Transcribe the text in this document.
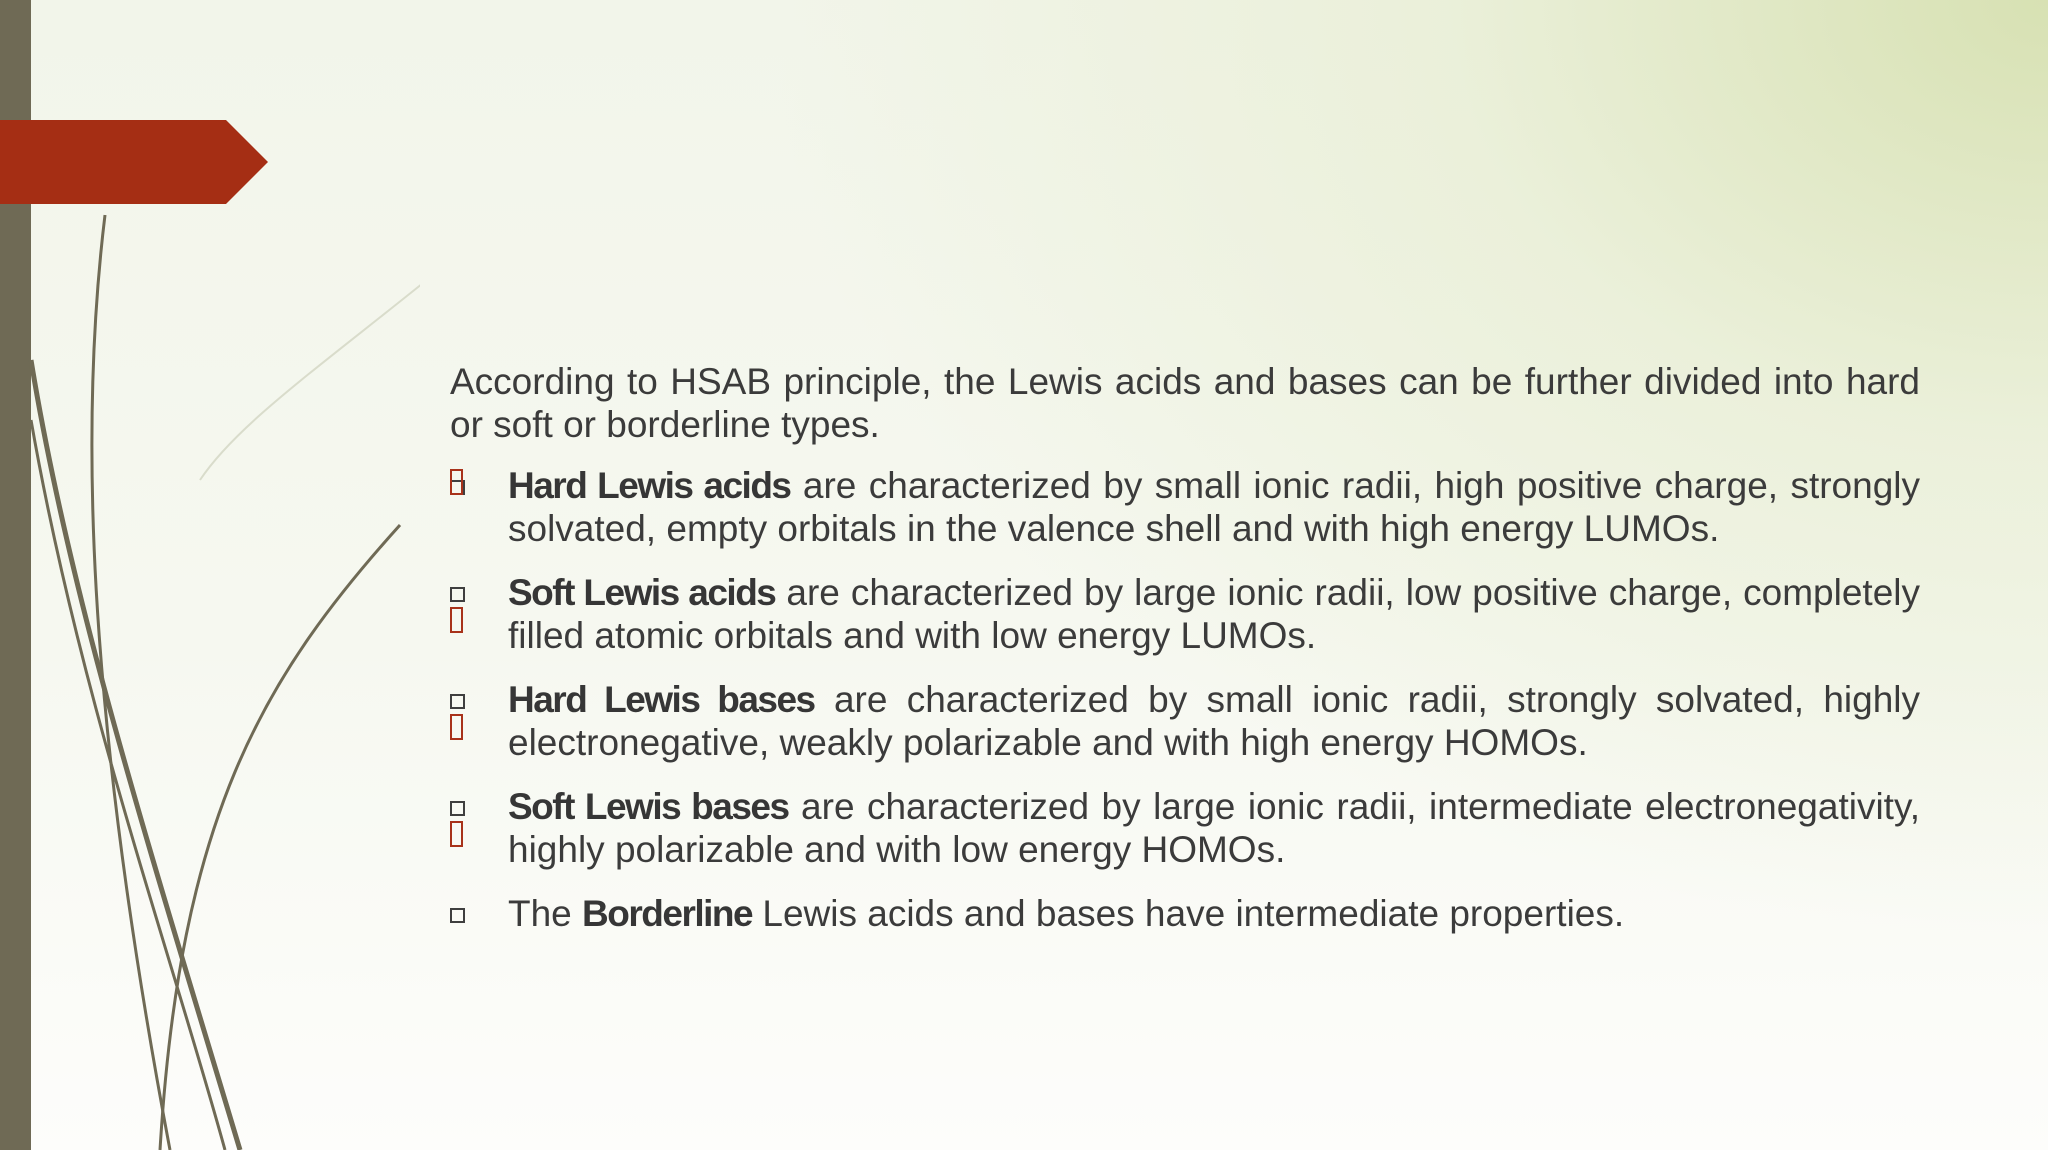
According to HSAB principle, the Lewis acids and bases can be further divided into hard or soft or borderline types.

Hard Lewis acids are characterized by small ionic radii, high positive charge, strongly solvated, empty orbitals in the valence shell and with high energy LUMOs.
Soft Lewis acids are characterized by large ionic radii, low positive charge, completely filled atomic orbitals and with low energy LUMOs.
Hard Lewis bases are characterized by small ionic radii, strongly solvated, highly electronegative, weakly polarizable and with high energy HOMOs.
Soft Lewis bases are characterized by large ionic radii, intermediate electronegativity, highly polarizable and with low energy HOMOs.
The Borderline Lewis acids and bases have intermediate properties.
